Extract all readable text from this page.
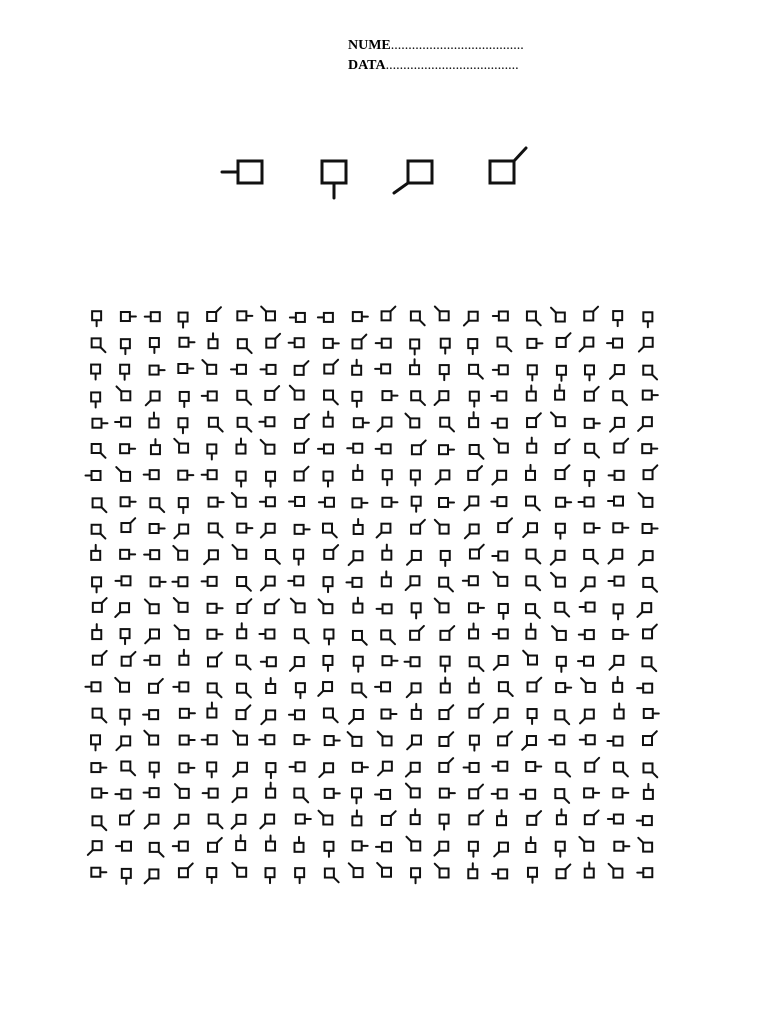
NUME......................................
DATA......................................
